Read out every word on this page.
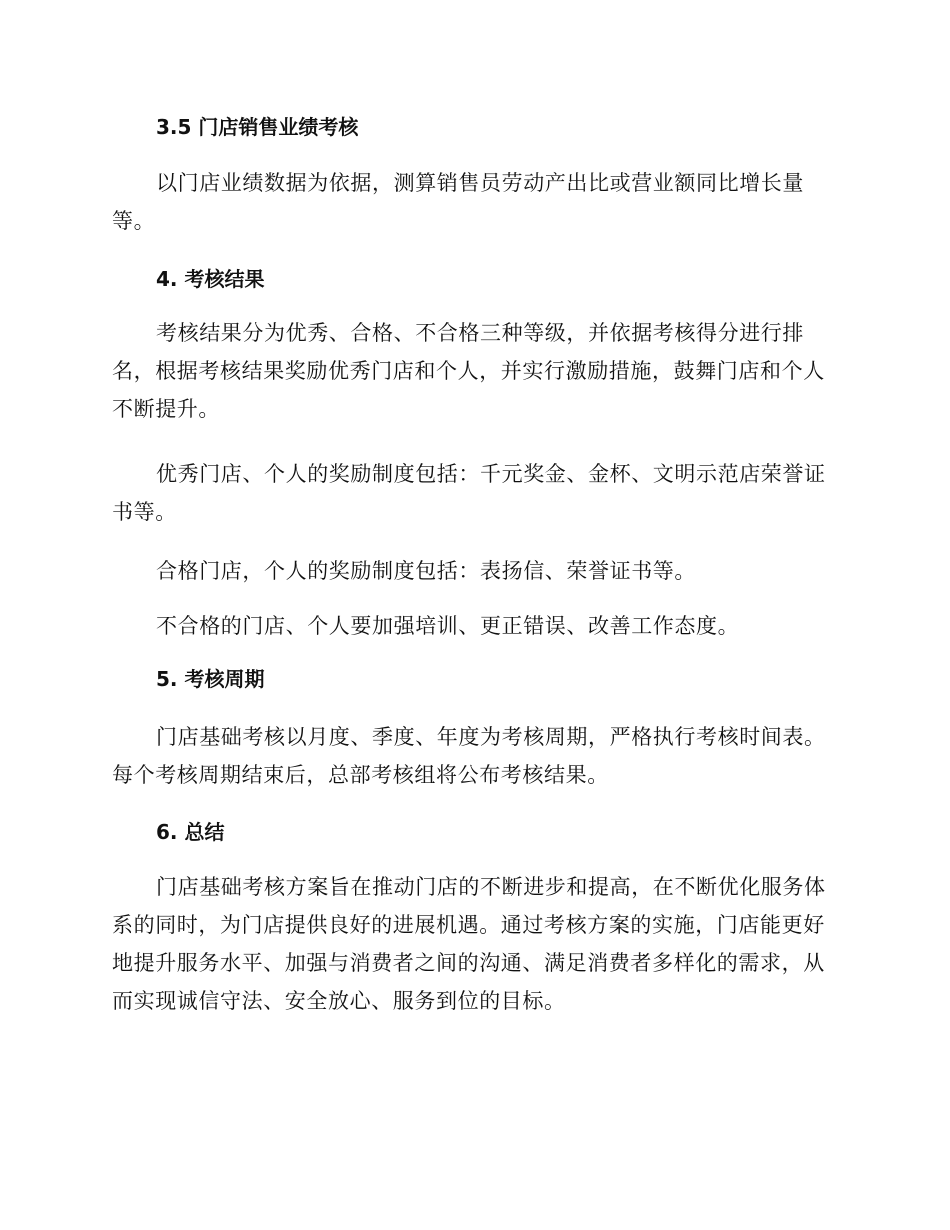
3.5 门店销售业绩考核

以门店业绩数据为依据，测算销售员劳动产出比或营业额同比增长量等。

4. 考核结果

考核结果分为优秀、合格、不合格三种等级，并依据考核得分进行排名，根据考核结果奖励优秀门店和个人，并实行激励措施，鼓舞门店和个人不断提升。

优秀门店、个人的奖励制度包括：千元奖金、金杯、文明示范店荣誉证书等。

合格门店，个人的奖励制度包括：表扬信、荣誉证书等。

不合格的门店、个人要加强培训、更正错误、改善工作态度。

5. 考核周期

门店基础考核以月度、季度、年度为考核周期，严格执行考核时间表。每个考核周期结束后，总部考核组将公布考核结果。

6. 总结

门店基础考核方案旨在推动门店的不断进步和提高，在不断优化服务体系的同时，为门店提供良好的进展机遇。通过考核方案的实施，门店能更好地提升服务水平、加强与消费者之间的沟通、满足消费者多样化的需求，从而实现诚信守法、安全放心、服务到位的目标。
